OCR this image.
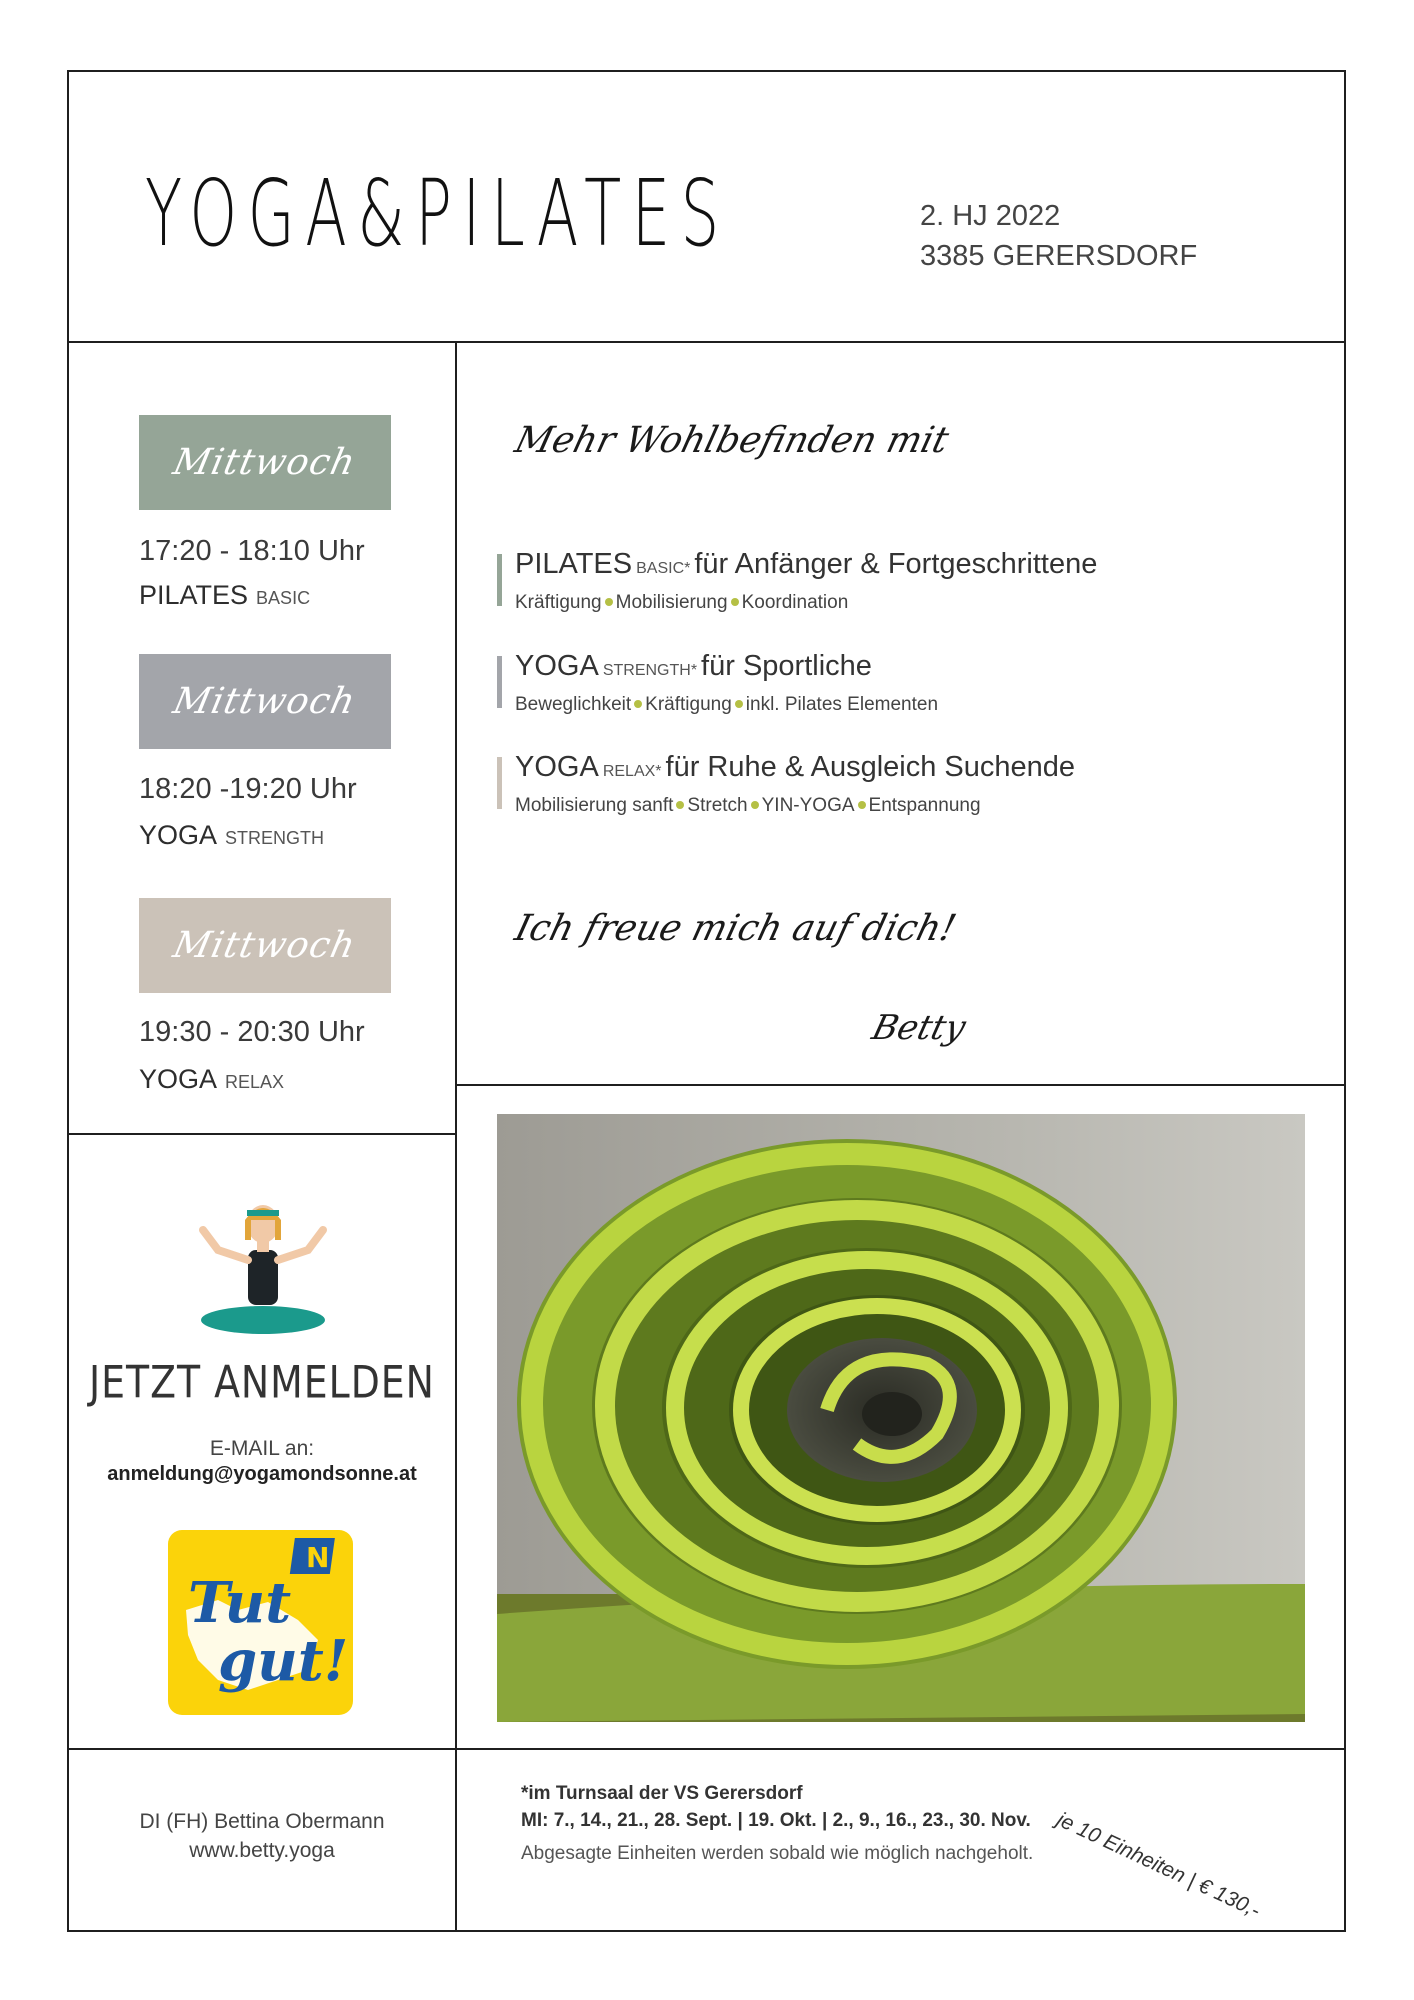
YOGA&PILATES	2. HJ 2022
3385 GERERSDORF
Mittwoch
17:20 - 18:10 Uhr
PILATES BASIC
Mittwoch
18:20 -19:20 Uhr
YOGA STRENGTH
Mittwoch
19:30 - 20:30 Uhr
YOGA RELAX
Mehr Wohlbefinden mit
PILATES BASIC* für Anfänger & Fortgeschrittene
Kräftigung Mobilisierung Koordination
YOGA STRENGTH* für Sportliche
Beweglichkeit Kräftigung inkl. Pilates Elementen
YOGA RELAX* für Ruhe & Ausgleich Suchende
Mobilisierung sanft Stretch YIN-YOGA Entspannung
Ich freue mich auf dich!
Betty
JETZT ANMELDEN
E-MAIL an:
anmeldung@yogamondsonne.at
N
Tut
gut!
DI (FH) Bettina Obermann
www.betty.yoga
*im Turnsaal der VS Gerersdorf
MI: 7., 14., 21., 28. Sept. | 19. Okt. | 2., 9., 16., 23., 30. Nov.
Abgesagte Einheiten werden sobald wie möglich nachgeholt. je 10 Einheiten | € 130,-
